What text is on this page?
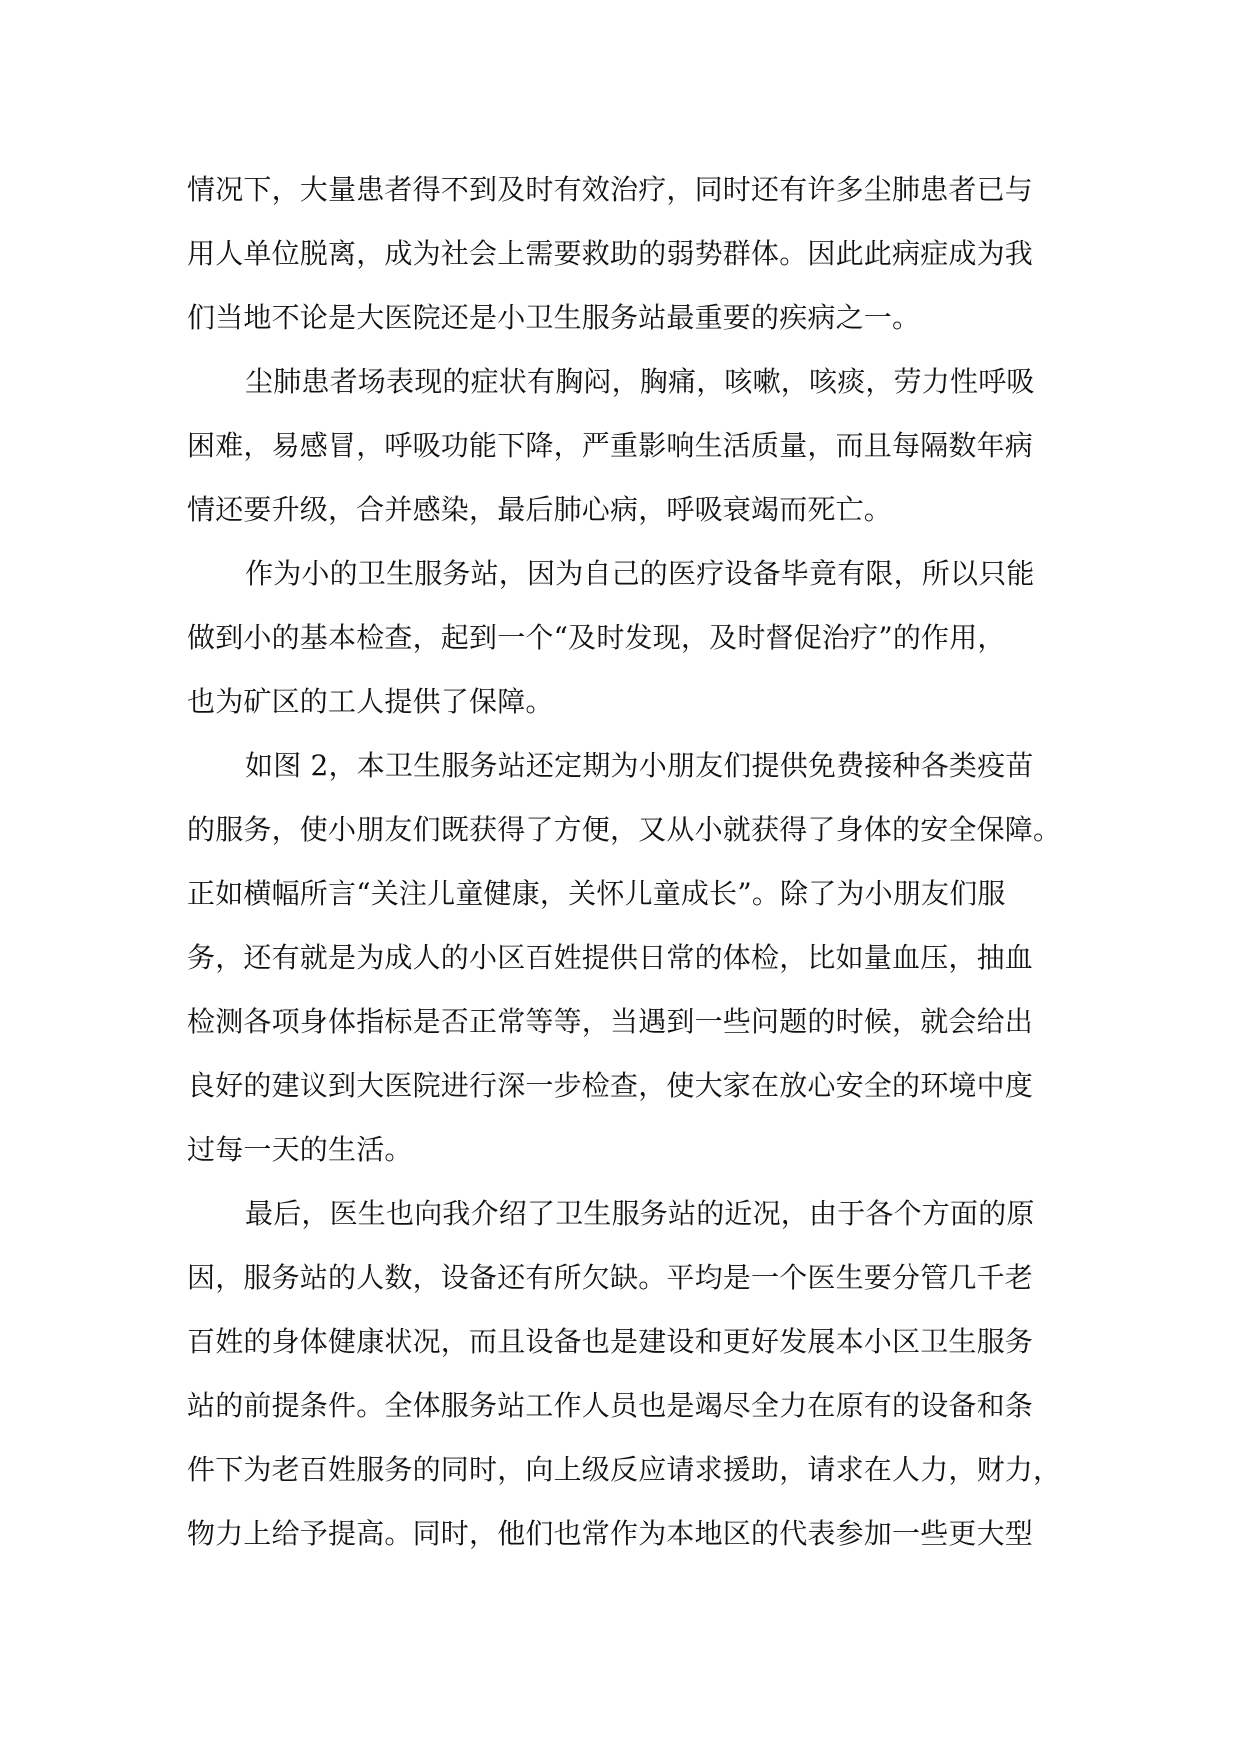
情况下，大量患者得不到及时有效治疗，同时还有许多尘肺患者已与
用人单位脱离，成为社会上需要救助的弱势群体。因此此病症成为我
们当地不论是大医院还是小卫生服务站最重要的疾病之一。
尘肺患者场表现的症状有胸闷，胸痛，咳嗽，咳痰，劳力性呼吸
困难，易感冒，呼吸功能下降，严重影响生活质量，而且每隔数年病
情还要升级，合并感染，最后肺心病，呼吸衰竭而死亡。
作为小的卫生服务站，因为自己的医疗设备毕竟有限，所以只能
做到小的基本检查，起到一个“及时发现，及时督促治疗”的作用，
也为矿区的工人提供了保障。
如图 2，本卫生服务站还定期为小朋友们提供免费接种各类疫苗
的服务，使小朋友们既获得了方便，又从小就获得了身体的安全保障。
正如横幅所言“关注儿童健康，关怀儿童成长”。除了为小朋友们服
务，还有就是为成人的小区百姓提供日常的体检，比如量血压，抽血
检测各项身体指标是否正常等等，当遇到一些问题的时候，就会给出
良好的建议到大医院进行深一步检查，使大家在放心安全的环境中度
过每一天的生活。
最后，医生也向我介绍了卫生服务站的近况，由于各个方面的原
因，服务站的人数，设备还有所欠缺。平均是一个医生要分管几千老
百姓的身体健康状况，而且设备也是建设和更好发展本小区卫生服务
站的前提条件。全体服务站工作人员也是竭尽全力在原有的设备和条
件下为老百姓服务的同时，向上级反应请求援助，请求在人力，财力，
物力上给予提高。同时，他们也常作为本地区的代表参加一些更大型
